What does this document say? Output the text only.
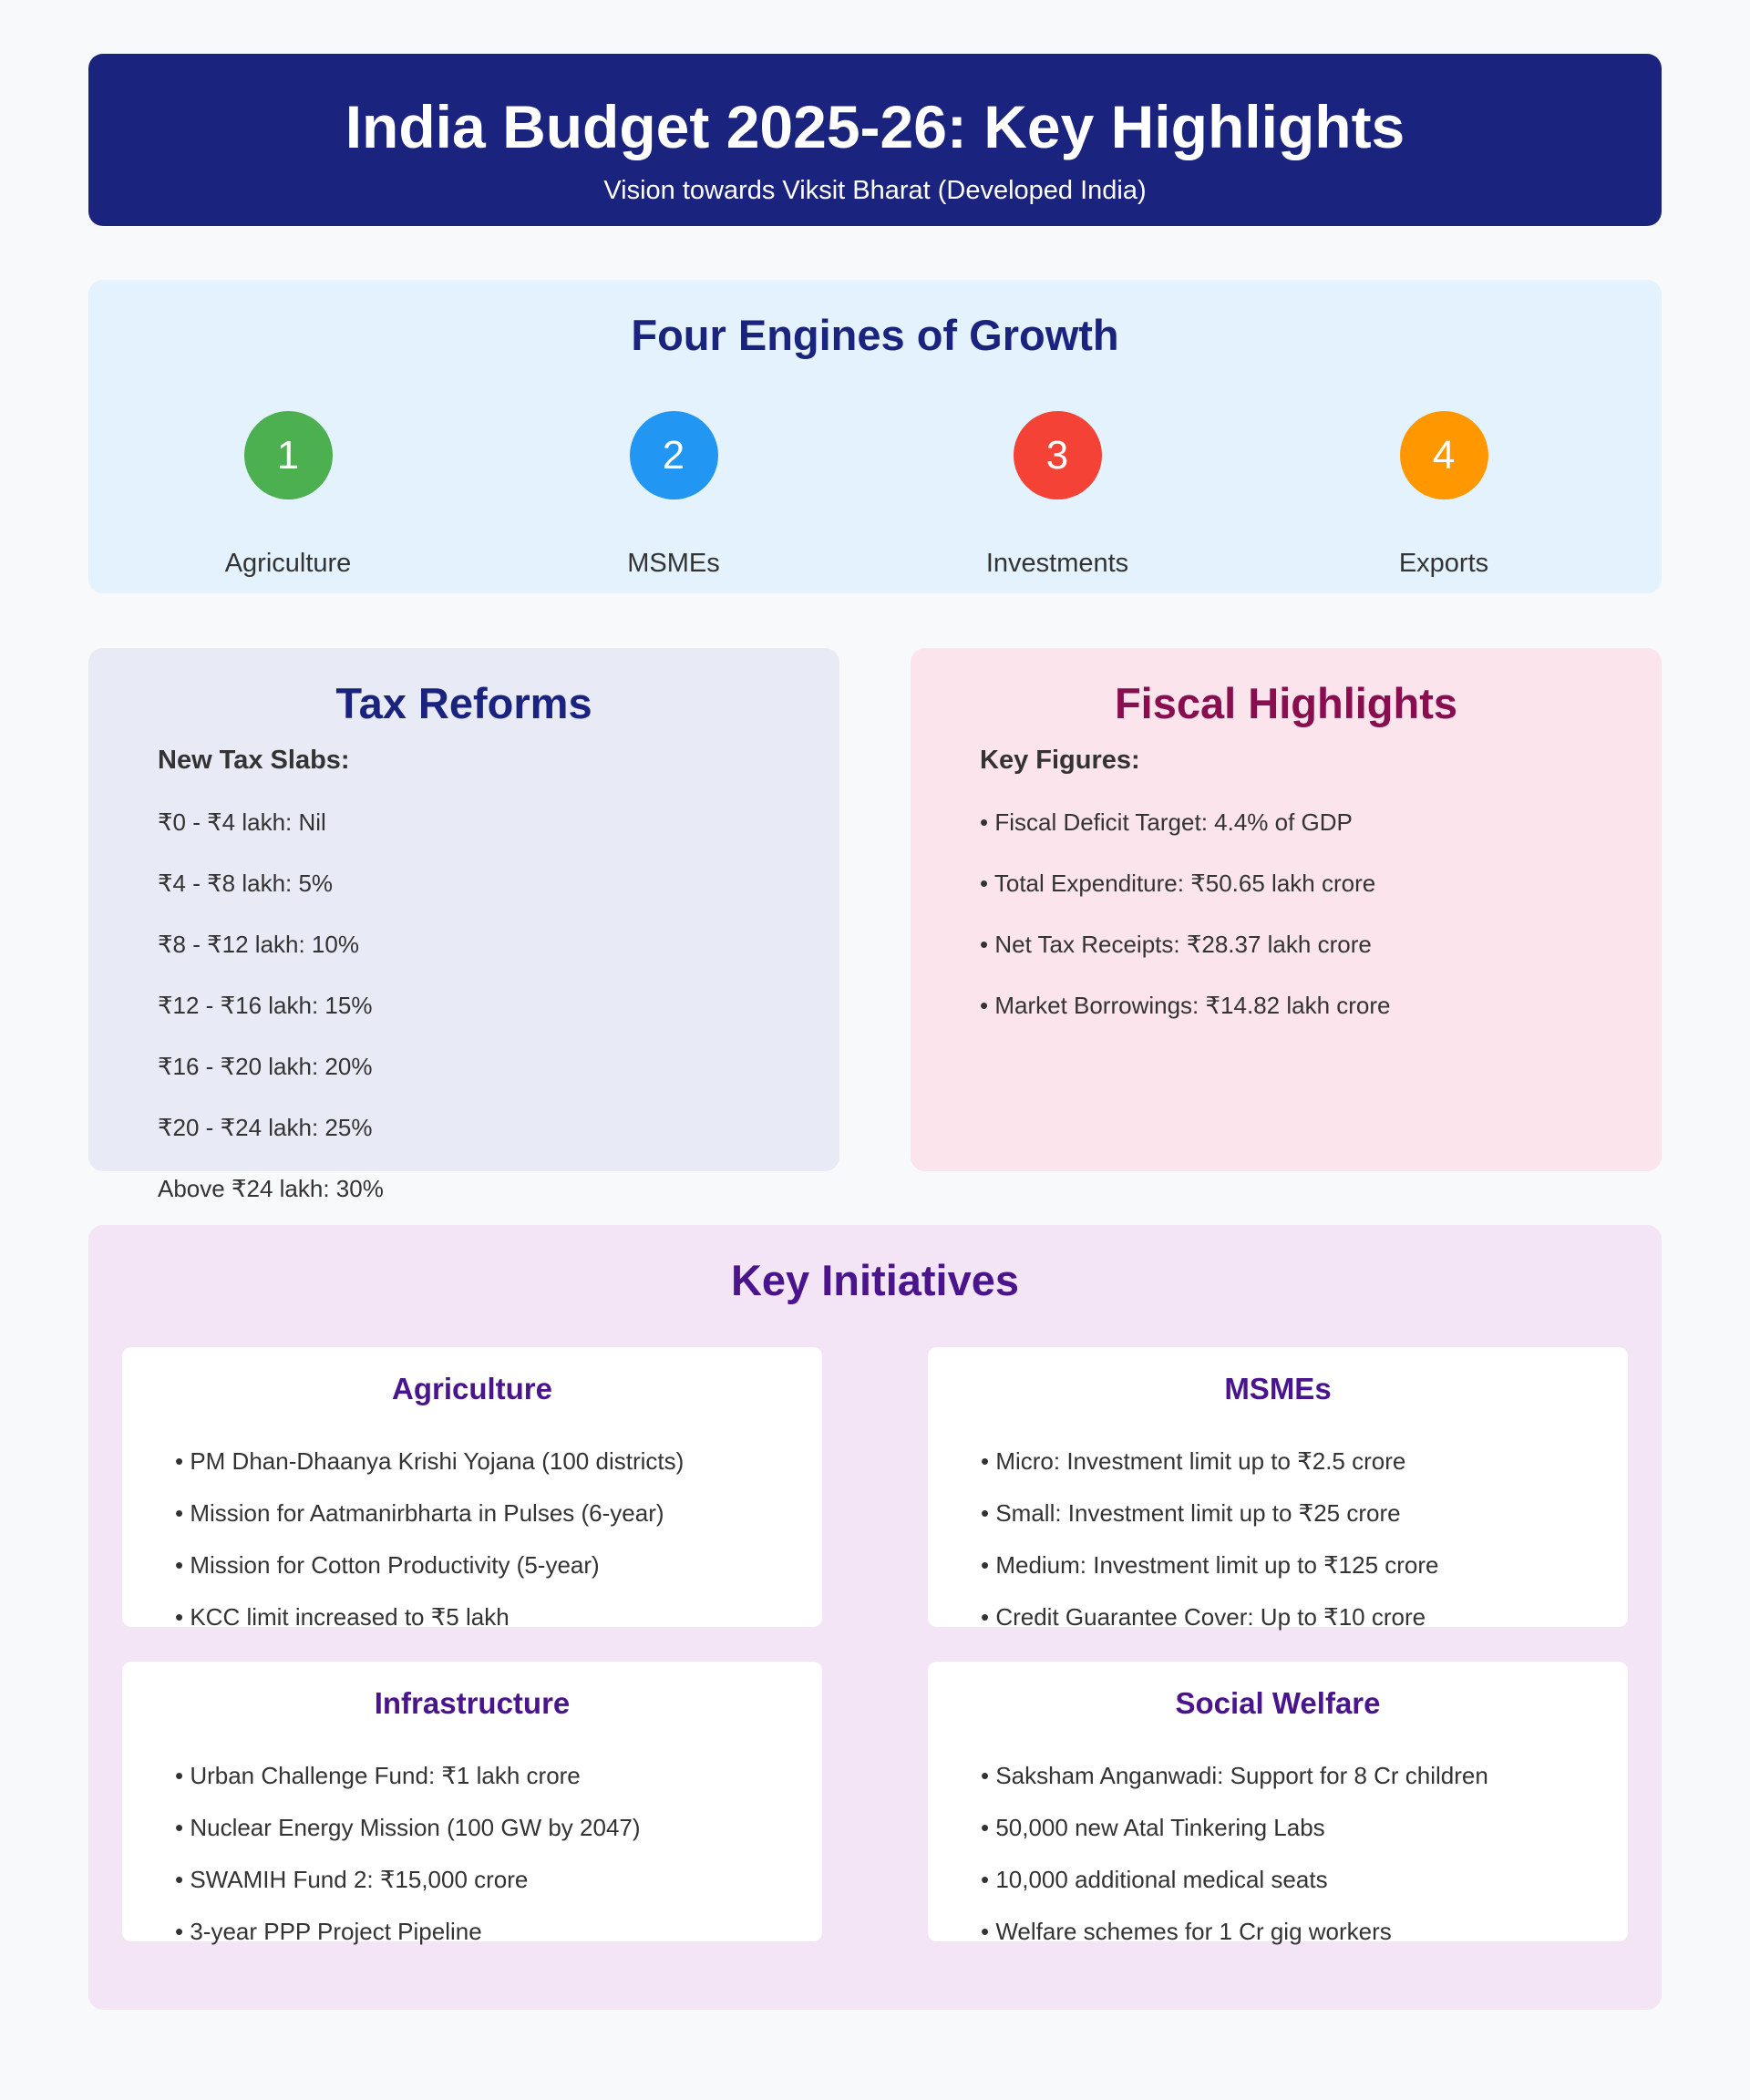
India Budget 2025-26: Key Highlights
Vision towards Viksit Bharat (Developed India)
Four Engines of Growth
1
Agriculture
2
MSMEs
3
Investments
4
Exports
Tax Reforms
New Tax Slabs:
₹0 - ₹4 lakh: Nil
₹4 - ₹8 lakh: 5%
₹8 - ₹12 lakh: 10%
₹12 - ₹16 lakh: 15%
₹16 - ₹20 lakh: 20%
₹20 - ₹24 lakh: 25%
Above ₹24 lakh: 30%
Fiscal Highlights
Key Figures:
• Fiscal Deficit Target: 4.4% of GDP
• Total Expenditure: ₹50.65 lakh crore
• Net Tax Receipts: ₹28.37 lakh crore
• Market Borrowings: ₹14.82 lakh crore
Key Initiatives
Agriculture
• PM Dhan-Dhaanya Krishi Yojana (100 districts)
• Mission for Aatmanirbharta in Pulses (6-year)
• Mission for Cotton Productivity (5-year)
• KCC limit increased to ₹5 lakh
MSMEs
• Micro: Investment limit up to ₹2.5 crore
• Small: Investment limit up to ₹25 crore
• Medium: Investment limit up to ₹125 crore
• Credit Guarantee Cover: Up to ₹10 crore
Infrastructure
• Urban Challenge Fund: ₹1 lakh crore
• Nuclear Energy Mission (100 GW by 2047)
• SWAMIH Fund 2: ₹15,000 crore
• 3-year PPP Project Pipeline
Social Welfare
• Saksham Anganwadi: Support for 8 Cr children
• 50,000 new Atal Tinkering Labs
• 10,000 additional medical seats
• Welfare schemes for 1 Cr gig workers
